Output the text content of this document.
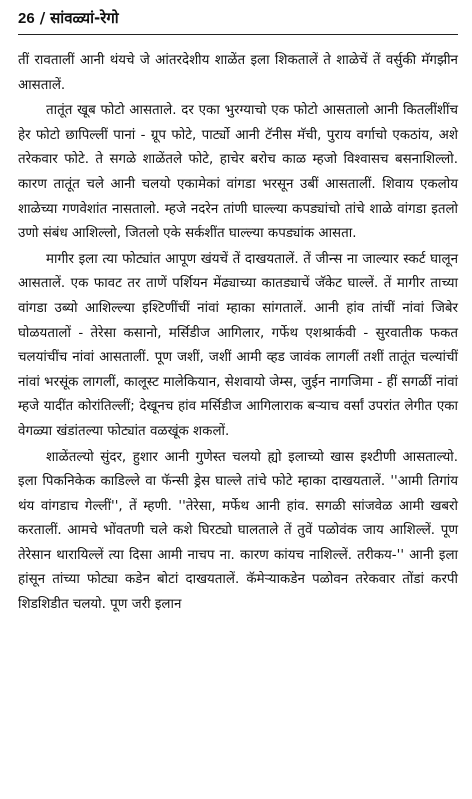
26 / सांवळ्यां-रेगो

तीं रावतालीं आनी थंयचे जे आंतरदेशीय शाळेंत इला शिकतालें ते शाळेचें तें वर्सुकी मॅगझीन आसतालें.

तातूंत खूब फोटो आसताले. दर एका भुरग्याचो एक फोटो आसतालो आनी कितलींशींच हेर फोटो छापिल्लीं पानां - ग्रूप फोटे, पार्ट्यो आनी टॅनीस मॅची, पुराय वर्गाचो एकठांय, अशे तरेकवार फोटे. ते सगळे शाळेंतले फोटे, हाचेर बरोच काळ म्हजो विश्वासच बसनाशिल्लो. कारण तातूंत चले आनी चलयो एकामेकां वांगडा भरसून उबीं आसतालीं. शिवाय एकलोय शाळेच्या गणवेशांत नासतालो. म्हजे नदरेन तांणी घाल्ल्या कपड्यांचो तांचे शाळे वांगडा इतलो उणो संबंध आशिल्लो, जितलो एके सर्कशींत घाल्ल्या कपड्यांक आसता.

मागीर इला त्या फोट्यांत आपूण खंयचें तें दाखयतालें. तें जीन्स ना जाल्यार स्कर्ट घालून आसतालें. एक फावट तर ताणें पर्शियन मेंढ्याच्या कातड्याचें जॅकेट घाल्लें. तें मागीर ताच्या वांगडा उब्यो आशिल्ल्या इश्टिणींचीं नांवां म्हाका सांगतालें. आनी हांव तांचीं नांवां जिबेर घोळयतालों - तेरेसा कसानो, मर्सिडीज आगिलार, गर्फेथ एशश्रार्कवी - सुरवातीक फकत चलयांचींच नांवां आसतालीं. पूण जशीं, जशीं आमी व्हड जावंक लागलीं तशीं तातूंत चल्यांचीं नांवां भरसूंक लागलीं, कालूस्ट मालेकियान, सेशवायो जेम्स, जुईन नागजिमा - हीं सगळीं नांवां म्हजे यादींत कोरांतिल्लीं; देखूनच हांव मर्सिडीज आगिलाराक बऱ्याच वर्सां उपरांत लेगीत एका वेगळ्या खंडांतल्या फोट्यांत वळखूंक शकलों.

शाळेंतल्यो सुंदर, हुशार आनी गुणेस्त चलयो ह्यो इलाच्यो खास इश्टीणी आसताल्यो. इला पिकनिकेक काडिल्ले वा फॅन्सी ड्रेस घाल्ले तांचे फोटे म्हाका दाखयतालें. ''आमी तिगांय थंय वांगडाच गेल्लीं'', तें म्हणी. ''तेरेसा, मर्फेथ आनी हांव. सगळी सांजवेळ आमी खबरो करतालीं. आमचे भोंवतणी चले कशे घिरट्यो घालताले तें तुवें पळोवंक जाय आशिल्लें. पूण तेरेसान थारायिल्लें त्या दिसा आमी नाचप ना. कारण कांयच नाशिल्लें. तरीकय-'' आनी इला हांसून तांच्या फोट्या कडेन बोटां दाखयतालें. कॅमेऱ्याकडेन पळोवन तरेकवार तोंडां करपी शिडशिडीत चलयो. पूण जरी इलान
